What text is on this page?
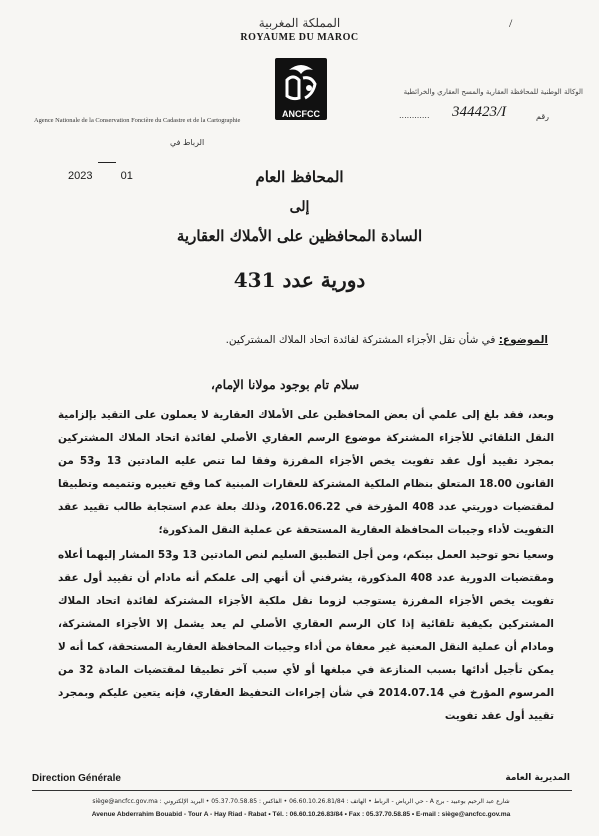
المملكة المغربية
ROYAUME DU MAROC
/
ANCFCC
الوكالة الوطنية للمحافظة العقارية والمسح العقاري والخرائطية
Agence Nationale de la Conservation Foncière du Cadastre et de la Cartographie	رقم
............ 344423/I
الرباط في
2023	01	المحافظ العام
إلى
السادة المحافظين على الأملاك العقارية
دورية عدد 431
الموضوع: في شأن نقل الأجزاء المشتركة لفائدة اتحاد الملاك المشتركين.
سلام تام بوجود مولانا الإمام،
وبعد، فقد بلغ إلى علمي أن بعض المحافظين على الأملاك العقارية لا يعملون على التقيد بإلزامية النقل التلقائي للأجزاء المشتركة موضوع الرسم العقاري الأصلي لفائدة اتحاد الملاك المشتركين بمجرد تقييد أول عقد تفويت يخص الأجزاء المفرزة وفقا لما تنص عليه المادتين 13 و53 من القانون 18.00 المتعلق بنظام الملكية المشتركة للعقارات المبنية كما وقع تغييره وتتميمه وتطبيقا لمقتضيات دوريتي عدد 408 المؤرخة في 2016.06.22، وذلك بعلة عدم استجابة طالب تقييد عقد التفويت لأداء وجيبات المحافظة العقارية المستحقة عن عملية النقل المذكورة؛
وسعيا نحو توحيد العمل بينكم، ومن أجل التطبيق السليم لنص المادتين 13 و53 المشار إليهما أعلاه ومقتضيات الدورية عدد 408 المذكورة، يشرفني أن أنهي إلى علمكم أنه مادام أن تقييد أول عقد تفويت يخص الأجزاء المفرزة يستوجب لزوما نقل ملكية الأجزاء المشتركة لفائدة اتحاد الملاك المشتركين بكيفية تلقائية إذا كان الرسم العقاري الأصلي لم يعد يشمل إلا الأجزاء المشتركة، ومادام أن عملية النقل المعنية غير معفاة من أداء وجيبات المحافظة العقارية المستحقة، كما أنه لا يمكن تأجيل أدائها بسبب المنازعة في مبلغها أو لأي سبب آخر تطبيقا لمقتضيات المادة 32 من المرسوم المؤرخ في 2014.07.14 في شأن إجراءات التحفيظ العقاري، فإنه يتعين عليكم وبمجرد تقييد أول عقد تفويت
Direction Générale	المديرية العامة
شارع عبد الرحيم بوعبيد - برج A - حي الرياض - الرباط • الهاتف : 06.60.10.26.81/84 • الفاكس : 05.37.70.58.85 • البريد الإلكتروني : siège@ancfcc.gov.ma
Avenue Abderrahim Bouabid - Tour A - Hay Riad - Rabat • Tél. : 06.60.10.26.83/84 • Fax : 05.37.70.58.85 • E-mail : siège@ancfcc.gov.ma
